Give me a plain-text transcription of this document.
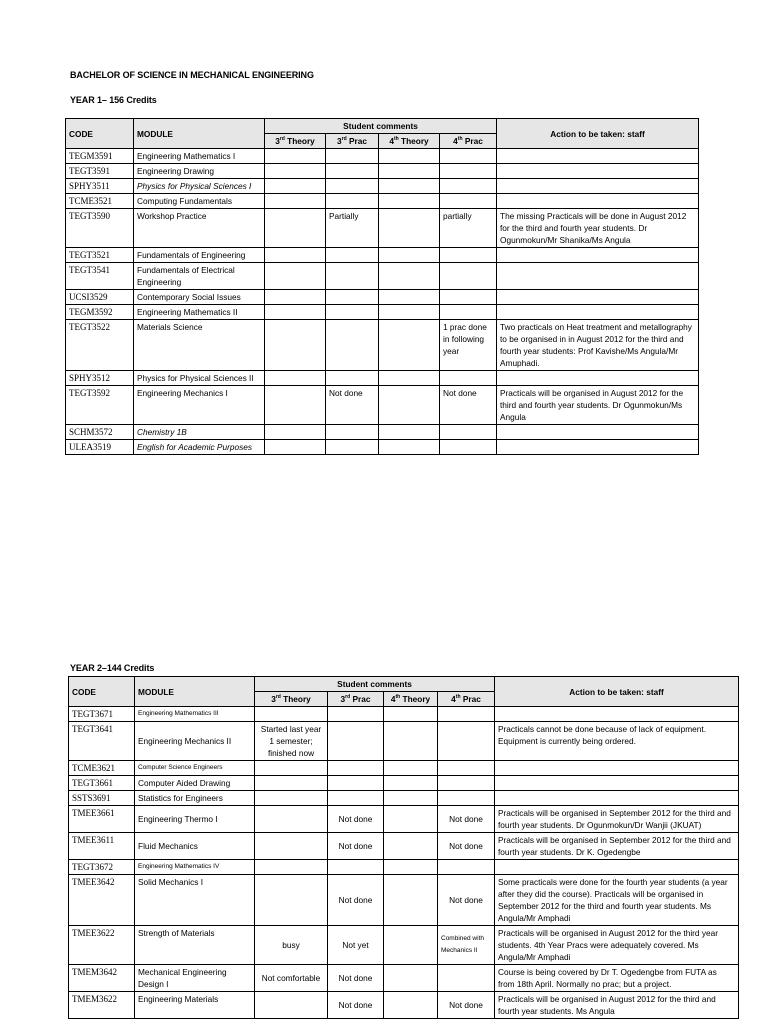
BACHELOR OF SCIENCE IN MECHANICAL ENGINEERING
YEAR 1– 156 Credits
CODE	MODULE	Student comments				Action to be taken: staff
		3rd Theory	3rd Prac	4th Theory	4th Prac	
TEGM3591	Engineering Mathematics I					
TEGT3591	Engineering Drawing					
SPHY3511	Physics for Physical Sciences I					
TCME3521	Computing Fundamentals					
TEGT3590	Workshop Practice		Partially		partially	The missing Practicals will be done in August 2012 for the third and fourth year students. Dr Ogunmokun/Mr Shanika/Ms Angula
TEGT3521	Fundamentals of Engineering					
TEGT3541	Fundamentals of Electrical Engineering					
UCSI3529	Contemporary Social Issues					
TEGM3592	Engineering Mathematics II					
TEGT3522	Materials Science				1 prac done in following year	Two practicals on Heat treatment and metallography to be organised in in August 2012 for the third and fourth year students: Prof Kavishe/Ms Angula/Mr Amuphadi.
SPHY3512	Physics for Physical Sciences II					
TEGT3592	Engineering Mechanics I		Not done		Not done	Practicals will be organised in August 2012 for the third and fourth year students. Dr Ogunmokun/Ms Angula
SCHM3572	Chemistry 1B					
ULEA3519	English for Academic Purposes					
YEAR 2–144 Credits
CODE	MODULE	Student comments				Action to be taken: staff
		3rd Theory	3rd Prac	4th Theory	4th Prac	
TEGT3671	Engineering Mathematics III					
TEGT3641	Engineering Mechanics II	Started last year 1 semester; finished now				Practicals cannot be done because of lack of equipment. Equipment is currently being ordered.
TCME3621	Computer Science Engineers					
TEGT3661	Computer Aided Drawing					
SSTS3691	Statistics for Engineers					
TMEE3661	Engineering Thermo I		Not done		Not done	Practicals will be organised in September 2012 for the third and fourth year students. Dr Ogunmokun/Dr Wanjii (JKUAT)
TMEE3611	Fluid Mechanics		Not done		Not done	Practicals will be organised in September 2012 for the third and fourth year students. Dr K. Ogedengbe
TEGT3672	Engineering Mathematics IV					
TMEE3642	Solid Mechanics I		Not done		Not done	Some practicals were done for the fourth year students (a year after they did the course). Practicals will be organised in September 2012 for the third and fourth year students. Ms Angula/Mr Amphadi
TMEE3622	Strength of Materials	busy	Not yet		Combined with Mechanics II	Practicals will be organised in August 2012 for the third year students. 4th Year Pracs were adequately covered. Ms Angula/Mr Amphadi
TMEM3642	Mechanical Engineering Design I	Not comfortable	Not done			Course is being covered by Dr T. Ogedengbe from FUTA as from 18th April. Normally no prac; but a project.
TMEM3622	Engineering Materials		Not done		Not done	Practicals will be organised in August 2012 for the third and fourth year students. Ms Angula
